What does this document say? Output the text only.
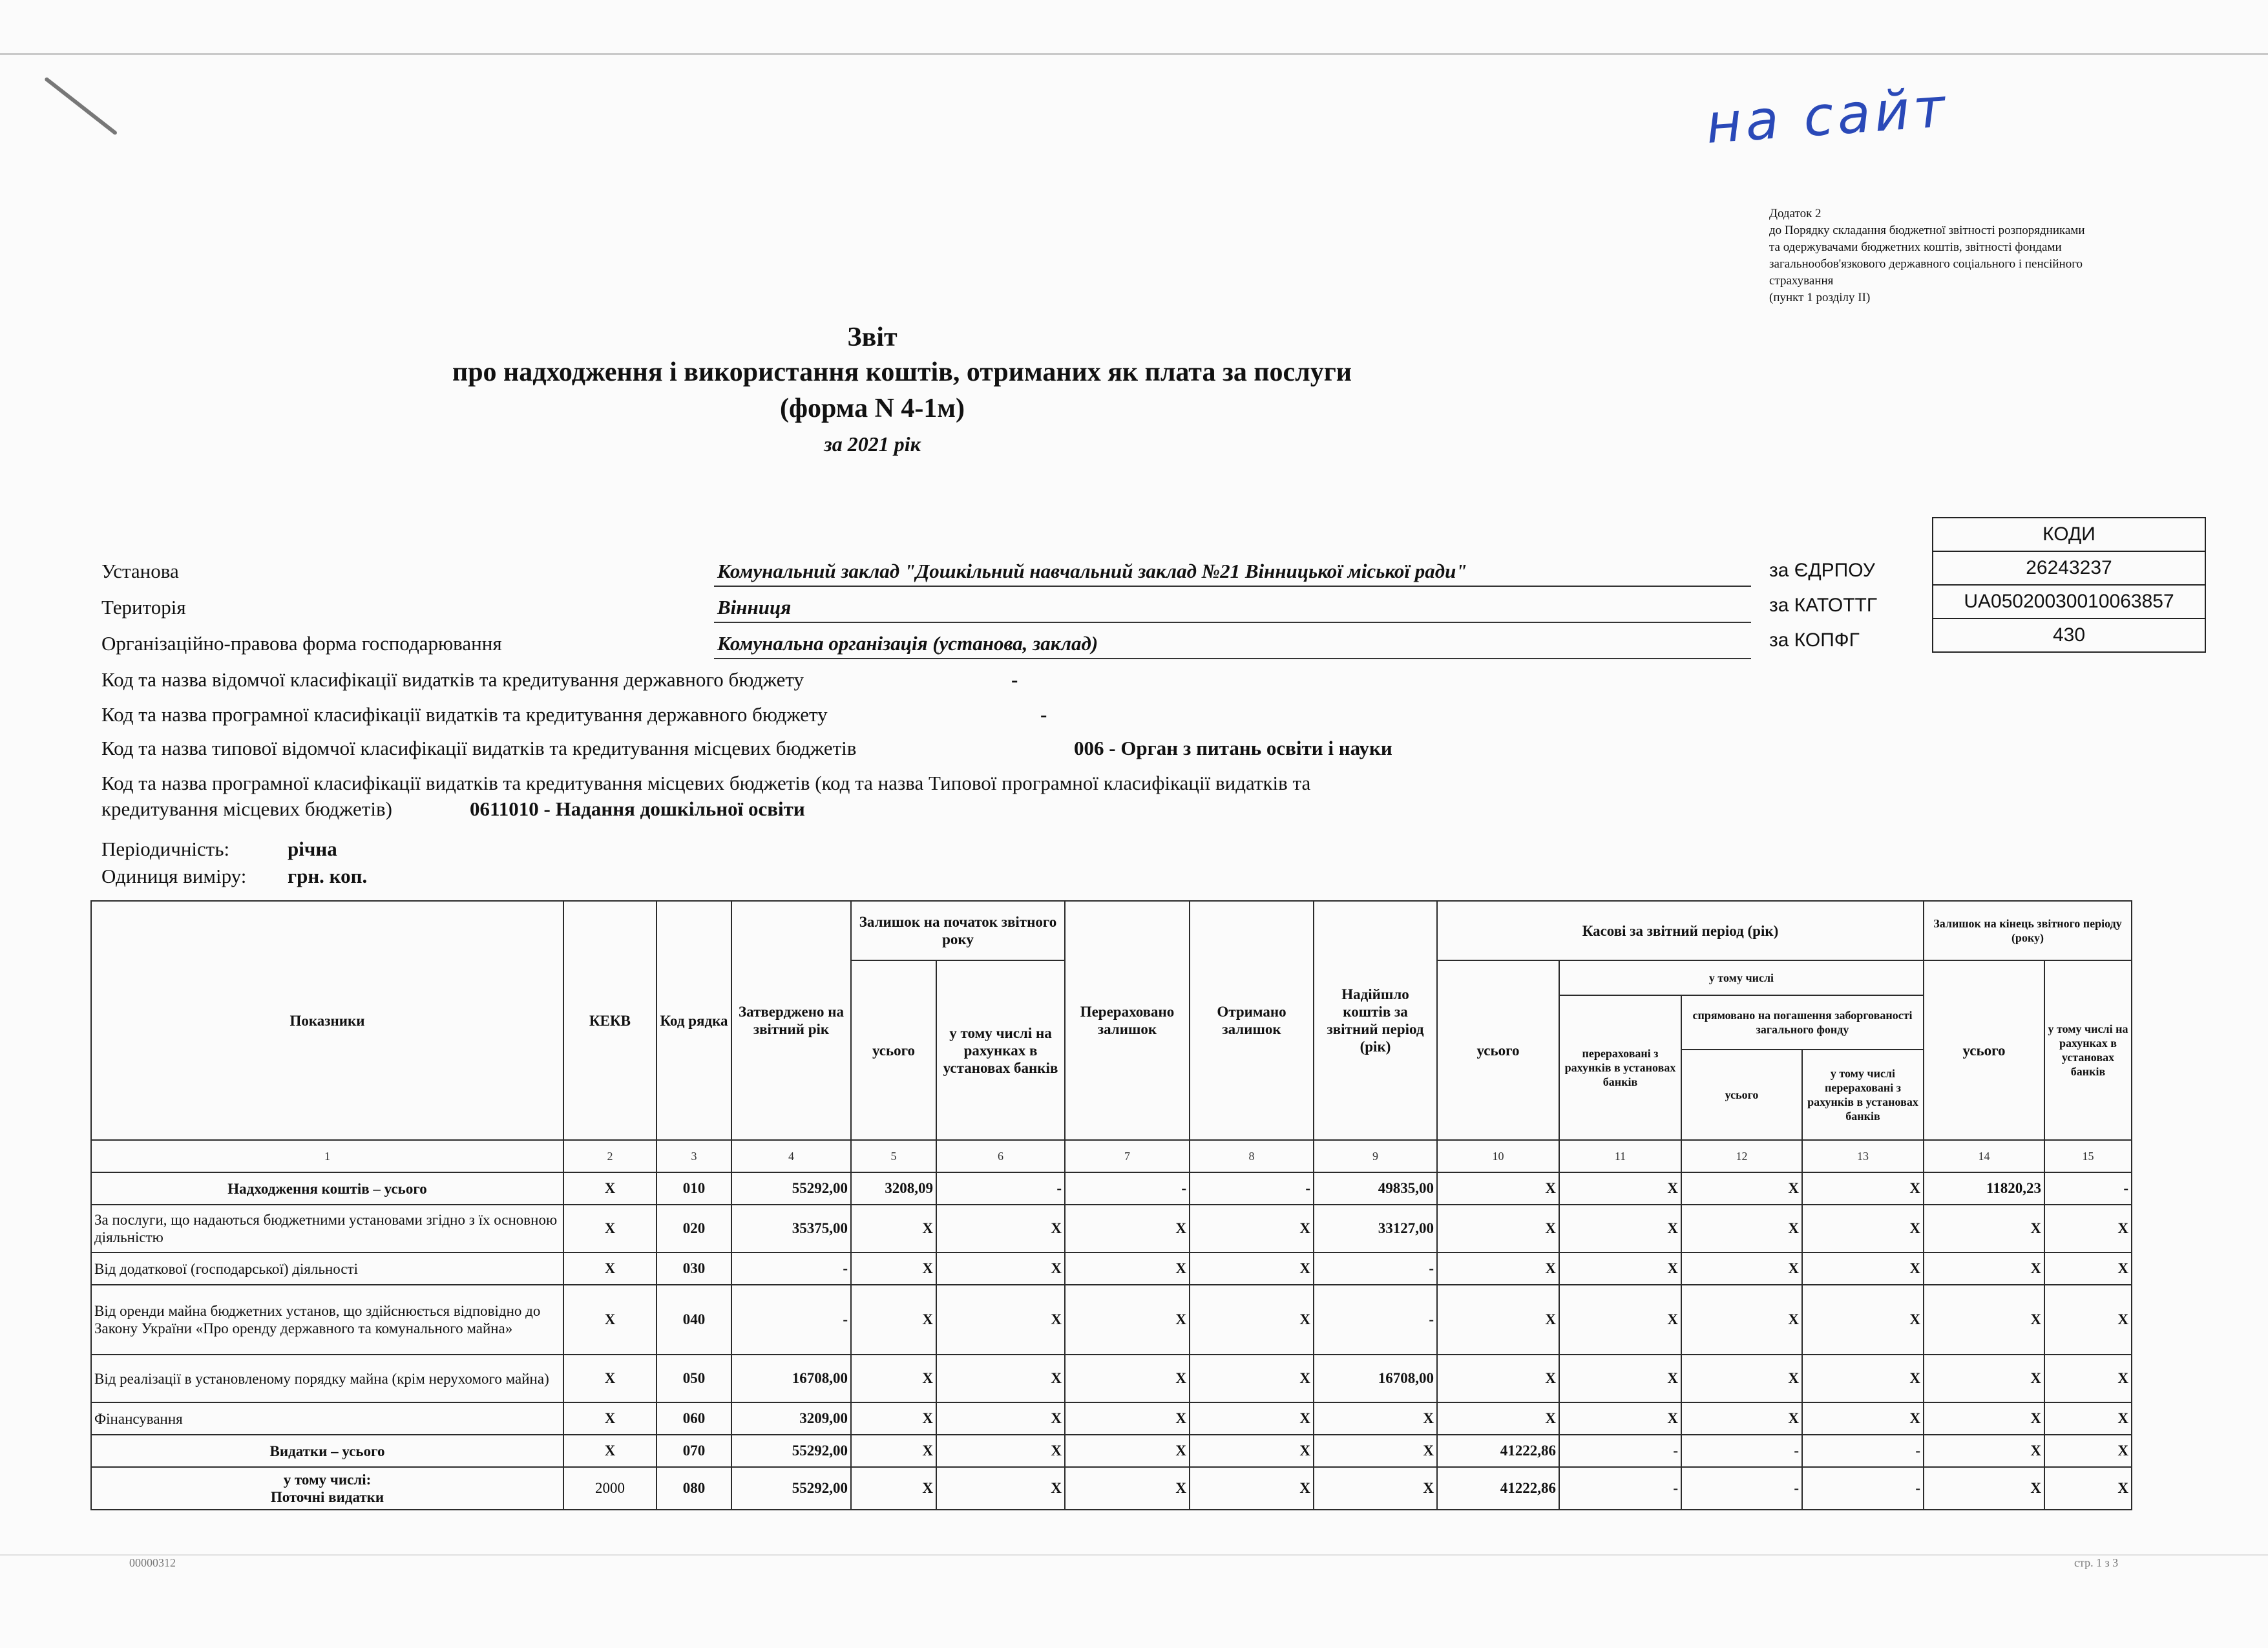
на сайт
Додаток 2
до Порядку складання бюджетної звітності розпорядниками
та одержувачами бюджетних коштів, звітності фондами
загальнообов'язкового державного соціального і пенсійного
страхування
(пункт 1 розділу II)
Звіт
про надходження і використання коштів, отриманих як плата за послуги
(форма N 4-1м)
за 2021 рік
КОДИ
26243237
UA05020030010063857
430
за ЄДРПОУ
за КАТОТТГ
за КОПФГ
Установа	Комунальний заклад "Дошкільний навчальний заклад №21 Вінницької міської ради"
Територія	Вінниця
Організаційно-правова форма господарювання	Комунальна організація (установа, заклад)
Код та назва відомчої класифікації видатків та кредитування державного бюджету	-
Код та назва програмної класифікації видатків та кредитування державного бюджету	-
Код та назва типової відомчої класифікації видатків та кредитування місцевих бюджетів	006 - Орган з питань освіти і науки
Код та назва програмної класифікації видатків та кредитування місцевих бюджетів (код та назва Типової програмної класифікації видатків та
кредитування місцевих бюджетів)	0611010 - Надання дошкільної освіти
Періодичність:	річна
Одиниця виміру: грн. коп.
Показники	КЕКВ	Код рядка	Затверджено на звітний рік	Залишок на початок звітного року		Перераховано залишок	Отримано залишок	Надійшло коштів за звітний період (рік)	Касові за звітний період (рік)				Залишок на кінець звітного періоду (року)	
				усього	у тому числі на рахунках в установах банків				усього	у тому числі			усього	у тому числі на рахунках в установах банків
										перераховані з рахунків в установах банків	спрямовано на погашення заборгованості загального фонду			
											усього	у тому числі перераховані з рахунків в установах банків		
1	2	3	4	5	6	7	8	9	10	11	12	13	14	15
Надходження коштів – усього	Х	010	55292,00	3208,09	-	-	-	49835,00	Х	Х	Х	Х	11820,23	-
За послуги, що надаються бюджетними установами згідно з їх основною діяльністю	Х	020	35375,00	Х	Х	Х	Х	33127,00	Х	Х	Х	Х	Х	Х
Від додаткової (господарської) діяльності	Х	030	-	Х	Х	Х	Х	-	Х	Х	Х	Х	Х	Х
Від оренди майна бюджетних установ, що здійснюється відповідно до Закону України «Про оренду державного та комунального майна»	Х	040	-	Х	Х	Х	Х	-	Х	Х	Х	Х	Х	Х
Від реалізації в установленому порядку майна (крім нерухомого майна)	Х	050	16708,00	Х	Х	Х	Х	16708,00	Х	Х	Х	Х	Х	Х
Фінансування	Х	060	3209,00	Х	Х	Х	Х	Х	Х	Х	Х	Х	Х	Х
Видатки – усього	Х	070	55292,00	Х	Х	Х	Х	Х	41222,86	-	-	-	Х	Х
у тому числі:
Поточні видатки	2000	080	55292,00	Х	Х	Х	Х	Х	41222,86	-	-	-	Х	Х
00000312	стр. 1 з 3
